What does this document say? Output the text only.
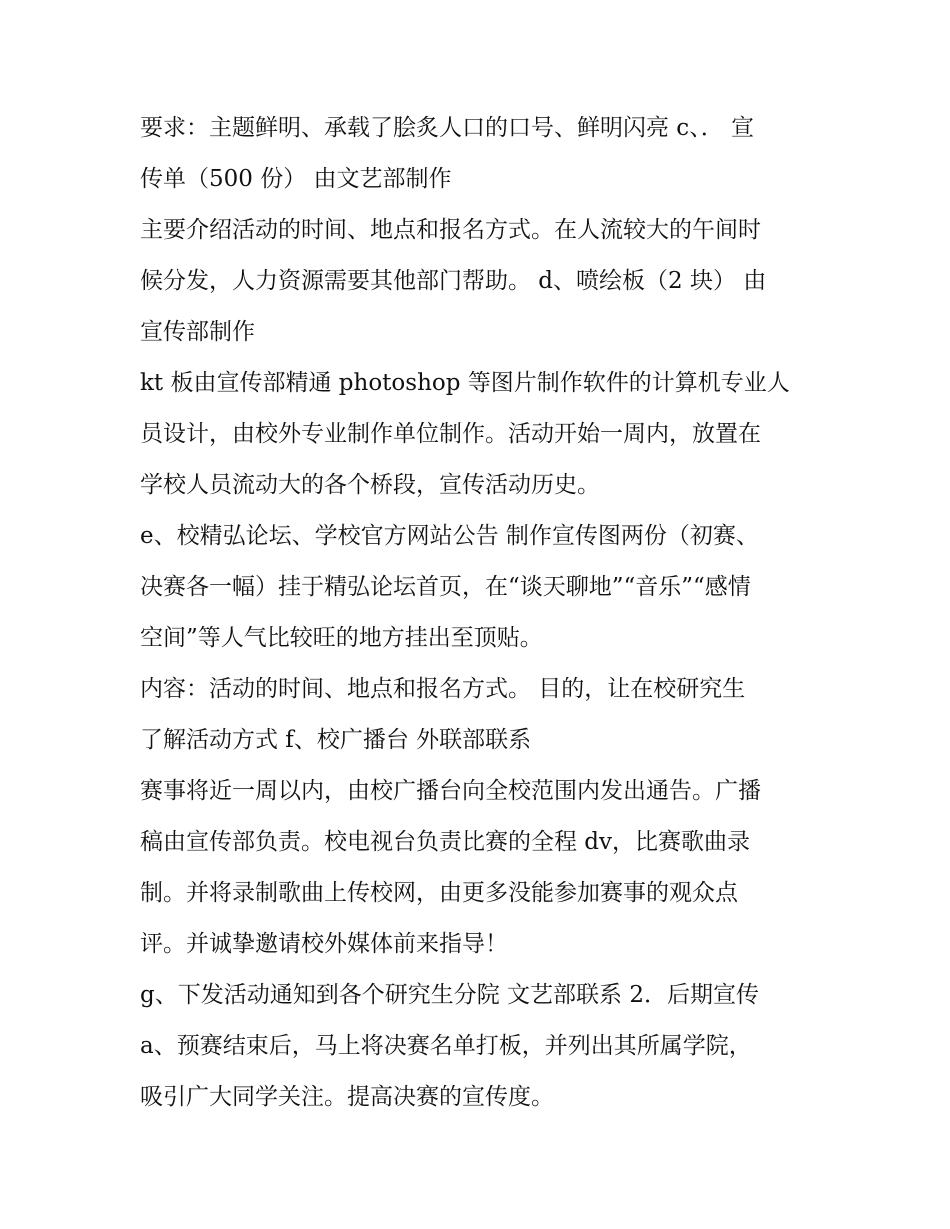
要求：主题鲜明、承载了脍炙人口的口号、鲜明闪亮 c、． 宣
传单（500 份） 由文艺部制作
主要介绍活动的时间、地点和报名方式。在人流较大的午间时
候分发，人力资源需要其他部门帮助。 d、喷绘板（2 块） 由
宣传部制作
kt 板由宣传部精通 photoshop 等图片制作软件的计算机专业人
员设计，由校外专业制作单位制作。活动开始一周内，放置在
学校人员流动大的各个桥段，宣传活动历史。
e、校精弘论坛、学校官方网站公告 制作宣传图两份（初赛、
决赛各一幅）挂于精弘论坛首页，在“谈天聊地”“音乐”“感情
空间”等人气比较旺的地方挂出至顶贴。
内容：活动的时间、地点和报名方式。 目的，让在校研究生
了解活动方式 f、校广播台 外联部联系
赛事将近一周以内，由校广播台向全校范围内发出通告。广播
稿由宣传部负责。校电视台负责比赛的全程 dv，比赛歌曲录
制。并将录制歌曲上传校网，由更多没能参加赛事的观众点
评。并诚挚邀请校外媒体前来指导！
g、下发活动通知到各个研究生分院 文艺部联系 2．后期宣传
a、预赛结束后，马上将决赛名单打板，并列出其所属学院，
吸引广大同学关注。提高决赛的宣传度。
